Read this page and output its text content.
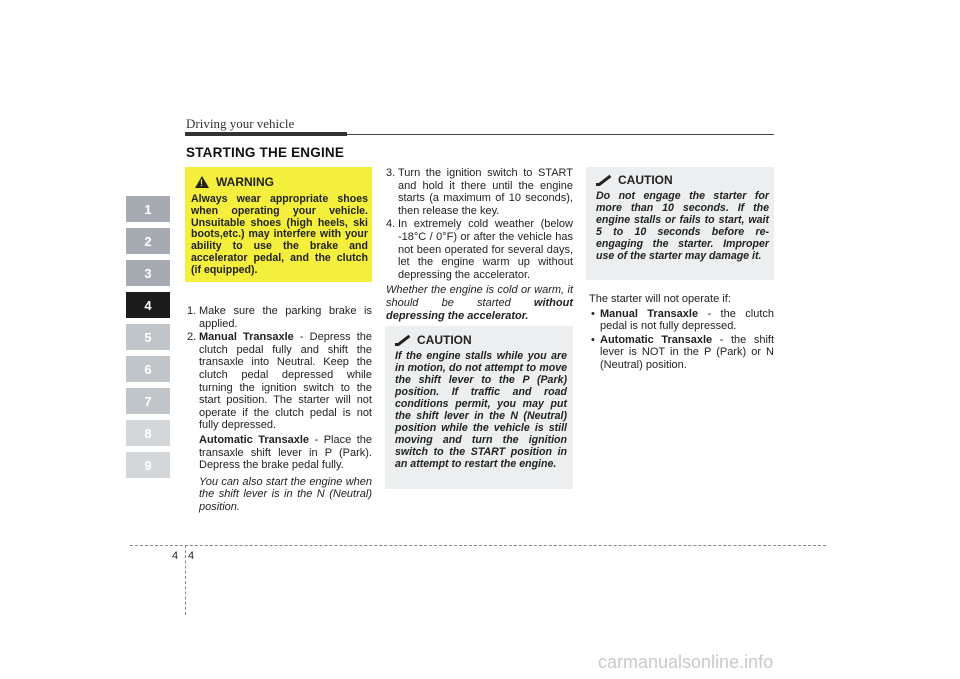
Driving your vehicle
STARTING THE ENGINE
1
2
3
4
5
6
7
8
9
! WARNING
Always wear appropriate shoes when operating your vehicle. Unsuitable shoes (high heels, ski boots,etc.) may interfere with your ability to use the brake and accelerator pedal, and the clutch (if equipped).
1. Make sure the parking brake is applied.
2. Manual Transaxle - Depress the clutch pedal fully and shift the transaxle into Neutral. Keep the clutch pedal depressed while turning the ignition switch to the start position. The starter will not operate if the clutch pedal is not fully depressed.
Automatic Transaxle - Place the transaxle shift lever in P (Park). Depress the brake pedal fully.
You can also start the engine when the shift lever is in the N (Neutral) position.
3. Turn the ignition switch to START and hold it there until the engine starts (a maximum of 10 seconds), then release the key.
4. In extremely cold weather (below -18°C / 0°F) or after the vehicle has not been operated for several days, let the engine warm up without depressing the accelerator.
Whether the engine is cold or warm, it should be started without depressing the accelerator.
CAUTION
If the engine stalls while you are in motion, do not attempt to move the shift lever to the P (Park) position. If traffic and road conditions permit, you may put the shift lever in the N (Neutral) position while the vehicle is still moving and turn the ignition switch to the START position in an attempt to restart the engine.
CAUTION
Do not engage the starter for more than 10 seconds. If the engine stalls or fails to start, wait 5 to 10 seconds before re-engaging the starter. Improper use of the starter may damage it.

The starter will not operate if:

• Manual Transaxle - the clutch pedal is not fully depressed.
• Automatic Transaxle - the shift lever is NOT in the P (Park) or N (Neutral) position.
4 4
carmanualsonline.info
